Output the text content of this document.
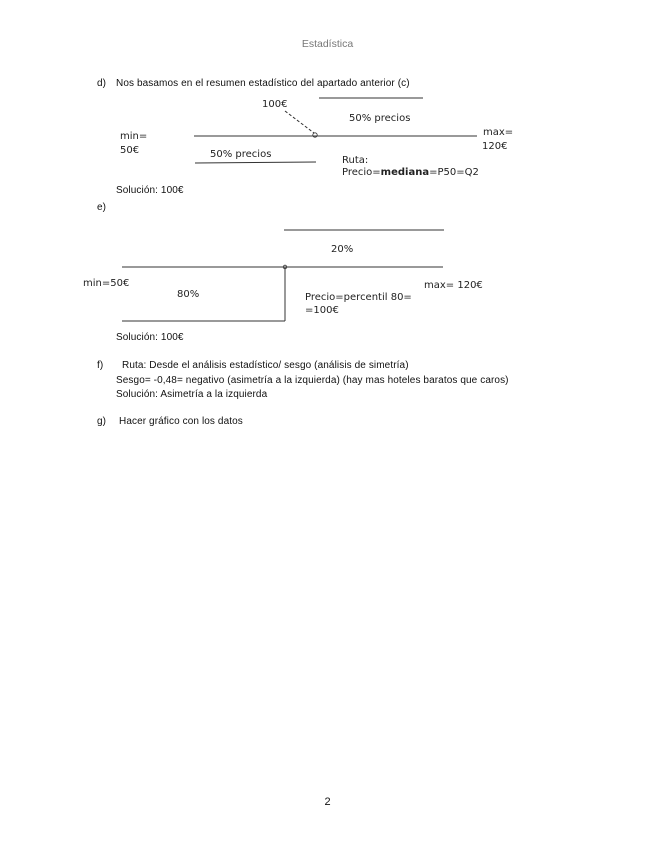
Estadística
d) Nos basamos en el resumen estadístico del apartado anterior (c)
100€
50% precios
min=
50€
max=
120€
50% precios
Ruta:
Precio=mediana=P50=Q2
Solución: 100€
e)
20%
min=50€	max= 120€
80%	Precio=percentil 80=
=100€
Solución: 100€
f) Ruta: Desde el análisis estadístico/ sesgo (análisis de simetría)
Sesgo= -0,48= negativo (asimetría a la izquierda) (hay mas hoteles baratos que caros)
Solución: Asimetría a la izquierda
g) Hacer gráfico con los datos
2
